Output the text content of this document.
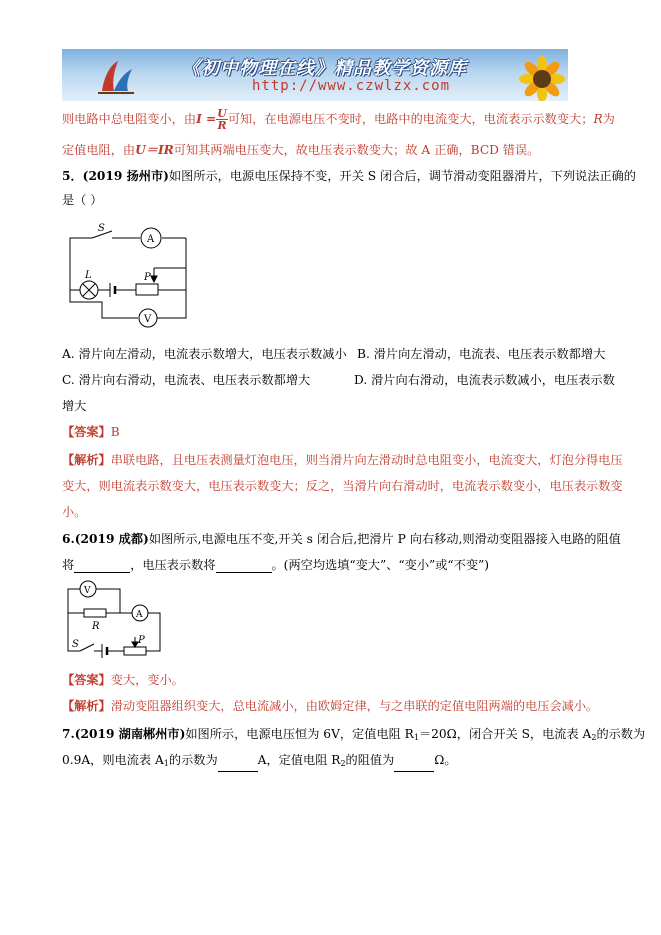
《初中物理在线》精品教学资源库
http://www.czwlzx.com
则电路中总电阻变小，由$I = \frac{U}{R}$ 可知，在电源电压不变时，电路中的电流变大，电流表示示数变大；R为
定值电阻，由U＝IR可知其两端电压变大，故电压表示数变大；故 A 正确，BCD 错误。
5．(2019 扬州市)如图所示，电源电压保持不变，开关 S 闭合后，调节滑动变阻器滑片，下列说法正确的
是（ ）
S
A
L	P
V
A. 滑片向左滑动，电流表示数增大，电压表示数减小 B. 滑片向左滑动，电流表、电压表示数都增大
C. 滑片向右滑动，电流表、电压表示数都增大	D. 滑片向右滑动，电流表示数减小，电压表示数
增大
【答案】B
【解析】串联电路，且电压表测量灯泡电压，则当滑片向左滑动时总电阻变小，电流变大，灯泡分得电压
变大，则电流表示数变大，电压表示数变大；反之，当滑片向右滑动时，电流表示数变小，电压表示数变
小。
6.(2019 成都)如图所示,电源电压不变,开关 s 闭合后,把滑片 P 向右移动,则滑动变阻器接入电路的阻值
将	，电压表示数将	。(两空均选填“变大”、“变小”或“不变”)
V
R
A
S	P
【答案】变大，变小。
【解析】滑动变阻器组织变大，总电流减小，由欧姆定律，与之串联的定值电阻两端的电压会减小。
7.(2019 湖南郴州市)如图所示，电源电压恒为 6V，定值电阻 $R_1=20\Omega$，闭合开关 S，电流表 $A_2$的示数为
0.9A，则电流表 $A_1$的示数为	A，定值电阻 $R_2$的阻值为	Ω。
